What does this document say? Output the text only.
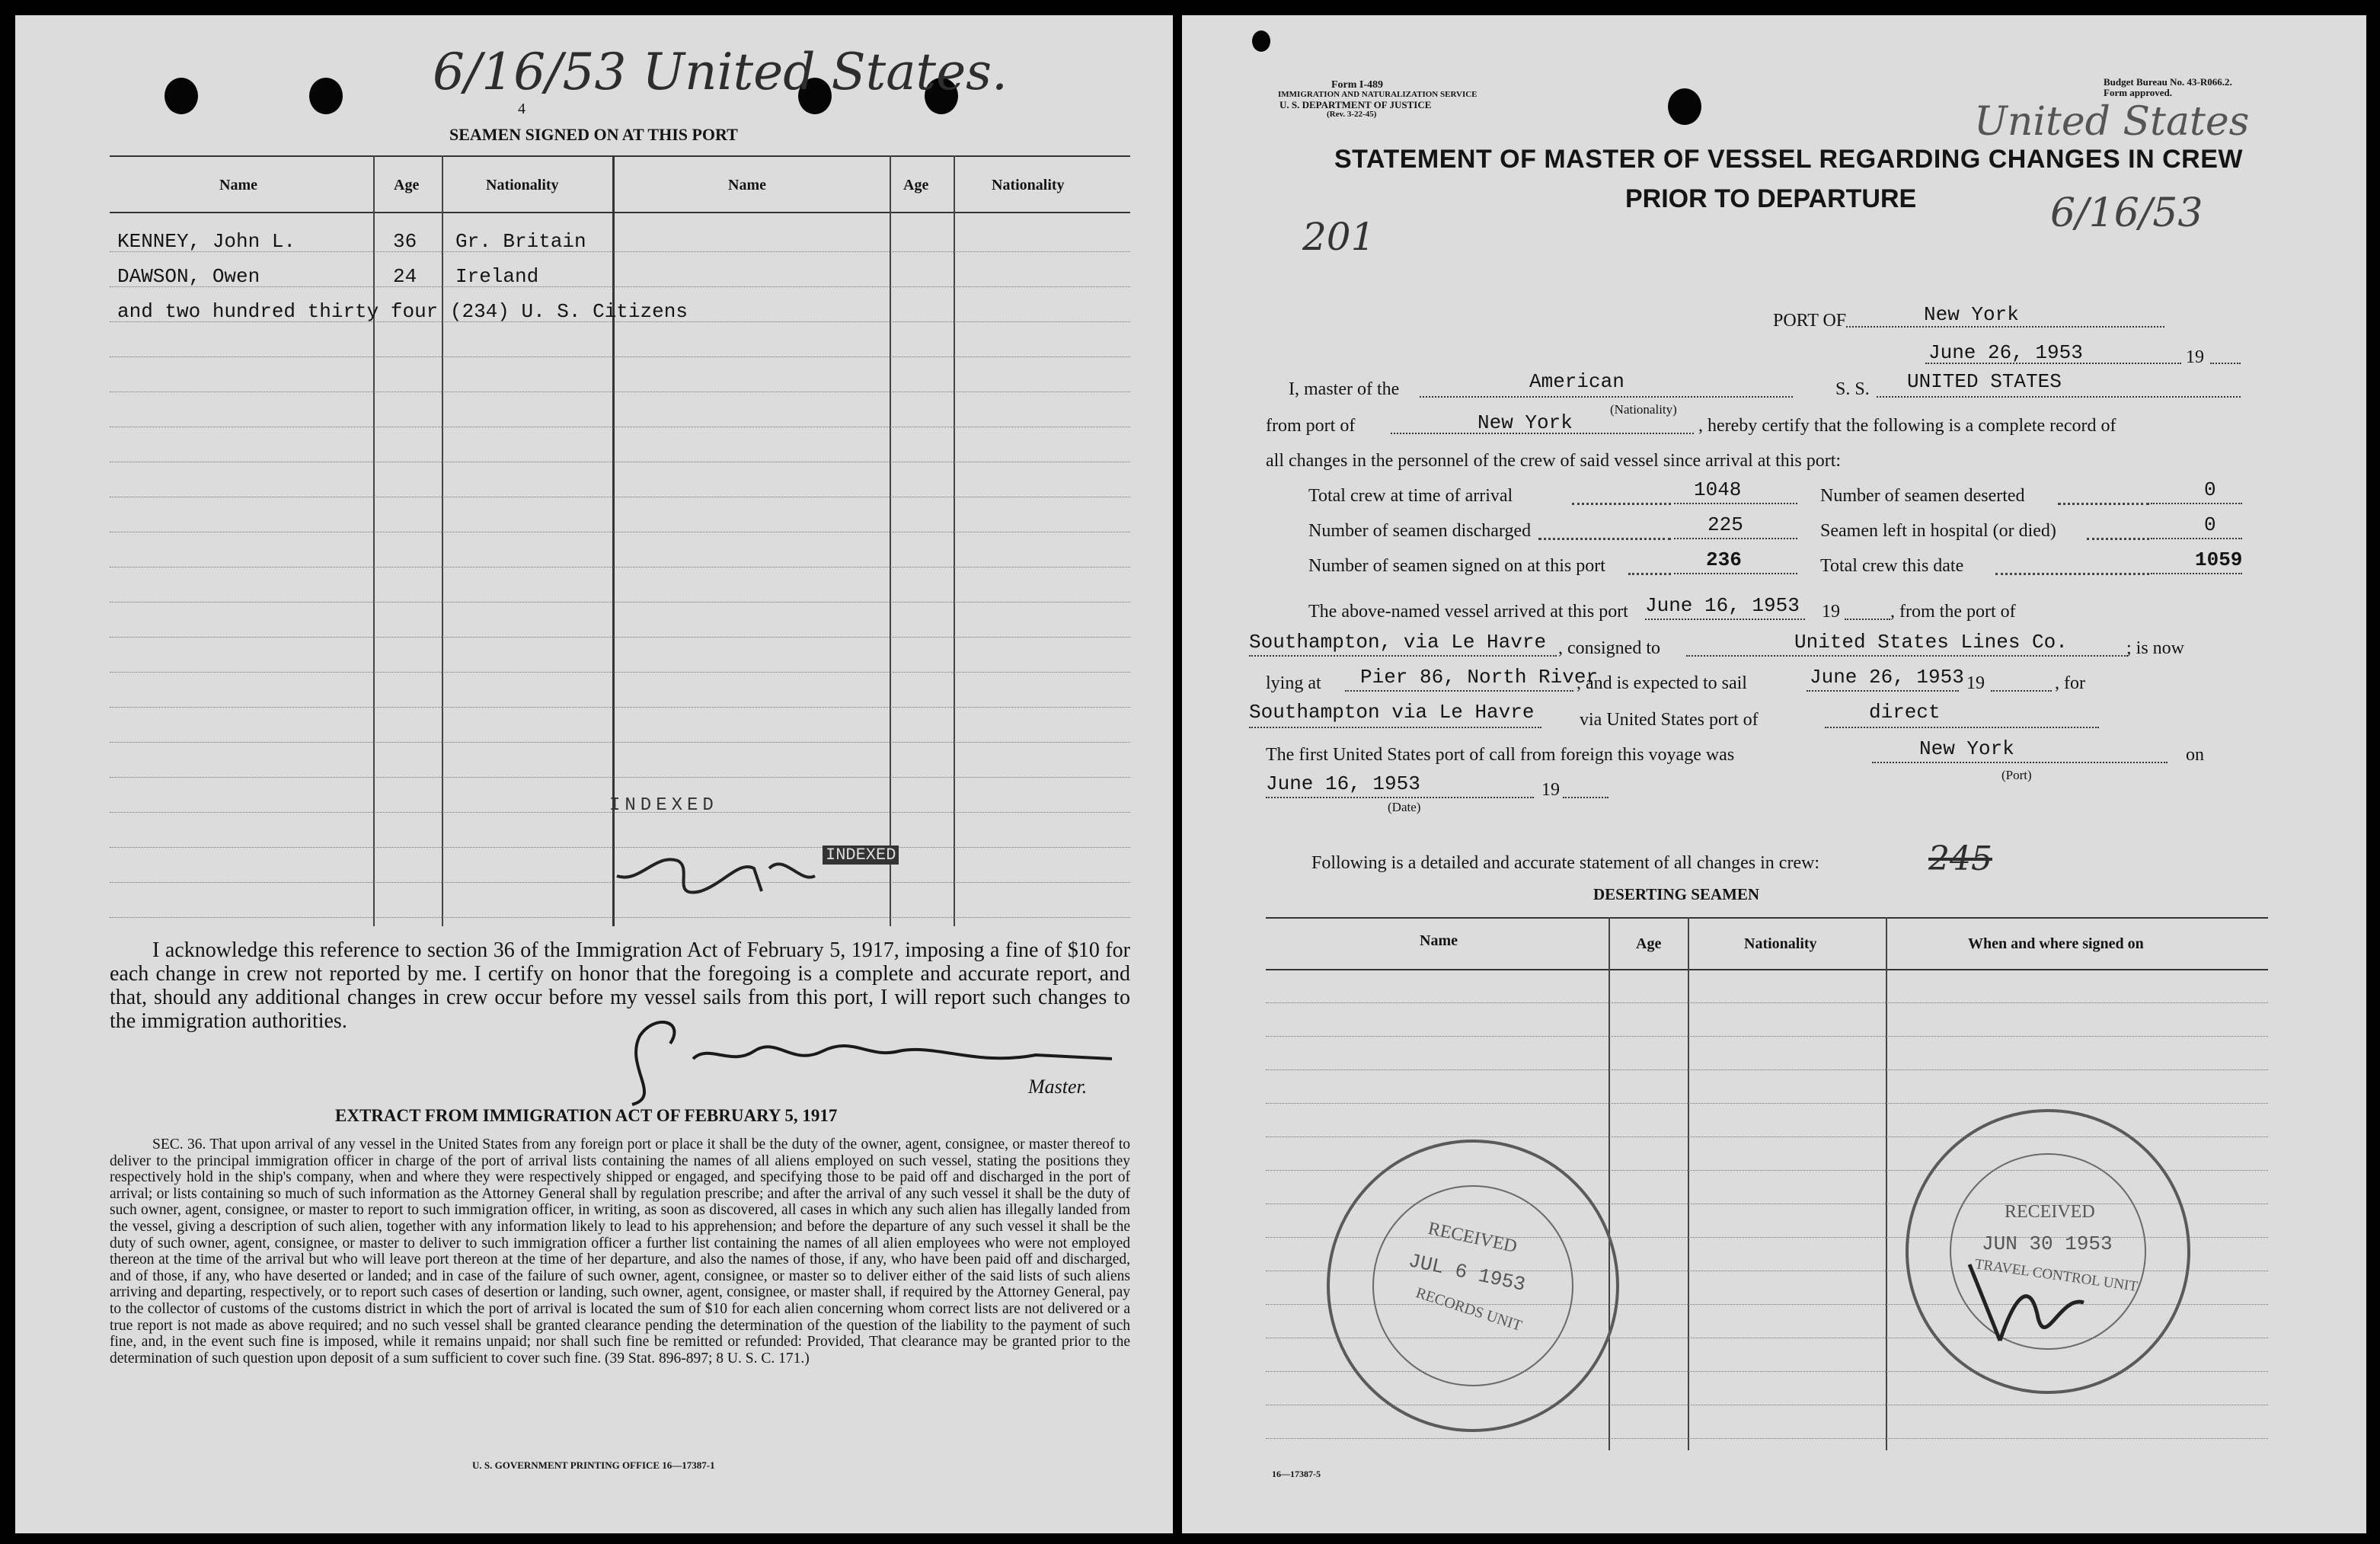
6/16/53 United States.
4
SEAMEN SIGNED ON AT THIS PORT
Name	Age	Nationality	Name	Age	Nationality
KENNEY, John L.	36 Gr. Britain
DAWSON, Owen	24 Ireland
and two hundred thirty four (234) U. S. Citizens
INDEXED
INDEXED
I acknowledge this reference to section 36 of the Immigration Act of February 5, 1917, imposing a fine of $10 for each change in crew not reported by me. I certify on honor that the foregoing is a complete and accurate report, and that, should any additional changes in crew occur before my vessel sails from this port, I will report such changes to the immigration authorities.
Master.
EXTRACT FROM IMMIGRATION ACT OF FEBRUARY 5, 1917
SEC. 36. That upon arrival of any vessel in the United States from any foreign port or place it shall be the duty of the owner, agent, consignee, or master thereof to deliver to the principal immigration officer in charge of the port of arrival lists containing the names of all aliens employed on such vessel, stating the positions they respectively hold in the ship's company, when and where they were respectively shipped or engaged, and specifying those to be paid off and discharged in the port of arrival; or lists containing so much of such information as the Attorney General shall by regulation prescribe; and after the arrival of any such vessel it shall be the duty of such owner, agent, consignee, or master to report to such immigration officer, in writing, as soon as discovered, all cases in which any such alien has illegally landed from the vessel, giving a description of such alien, together with any information likely to lead to his apprehension; and before the departure of any such vessel it shall be the duty of such owner, agent, consignee, or master to deliver to such immigration officer a further list containing the names of all alien employees who were not employed thereon at the time of the arrival but who will leave port thereon at the time of her departure, and also the names of those, if any, who have been paid off and discharged, and of those, if any, who have deserted or landed; and in case of the failure of such owner, agent, consignee, or master so to deliver either of the said lists of such aliens arriving and departing, respectively, or to report such cases of desertion or landing, such owner, agent, consignee, or master shall, if required by the Attorney General, pay to the collector of customs of the customs district in which the port of arrival is located the sum of $10 for each alien concerning whom correct lists are not delivered or a true report is not made as above required; and no such vessel shall be granted clearance pending the determination of the question of the liability to the payment of such fine, and, in the event such fine is imposed, while it remains unpaid; nor shall such fine be remitted or refunded: Provided, That clearance may be granted prior to the determination of such question upon deposit of a sum sufficient to cover such fine. (39 Stat. 896-897; 8 U. S. C. 171.)
U. S. GOVERNMENT PRINTING OFFICE 16—17387-1
Form I-489
IMMIGRATION AND NATURALIZATION SERVICE
U. S. DEPARTMENT OF JUSTICE
(Rev. 3-22-45)
Budget Bureau No. 43-R066.2.
Form approved.
United States
6/16/53
201
STATEMENT OF MASTER OF VESSEL REGARDING CHANGES IN CREW
PRIOR TO DEPARTURE
PORT OF	New York
June 26, 1953	19
I, master of the	American
(Nationality)
S. S. UNITED STATES
from port of	New York	, hereby certify that the following is a complete record of
all changes in the personnel of the crew of said vessel since arrival at this port:
Total crew at time of arrival	1048
Number of seamen discharged	225
Number of seamen signed on at this port	236
Number of seamen deserted	0
Seamen left in hospital (or died)	0
Total crew this date	1059
The above-named vessel arrived at this port June 16, 1953 19	, from the port of
Southampton, via Le Havre , consigned to	United States Lines Co.	; is now
lying at Pier 86, North River
, and is expected to sail	June 26, 1953 19	, for
Southampton via Le Havre via United States port of	direct
The first United States port of call from foreign this voyage was	New York
(Port)
on
June 16, 1953
(Date)
19
Following is a detailed and accurate statement of all changes in crew:	245
DESERTING SEAMEN
Name	Age	Nationality	When and where signed on
RECEIVED
JUL 6 1953
RECORDS UNIT
RECEIVED
JUN 30 1953
TRAVEL CONTROL UNIT
16—17387-5
